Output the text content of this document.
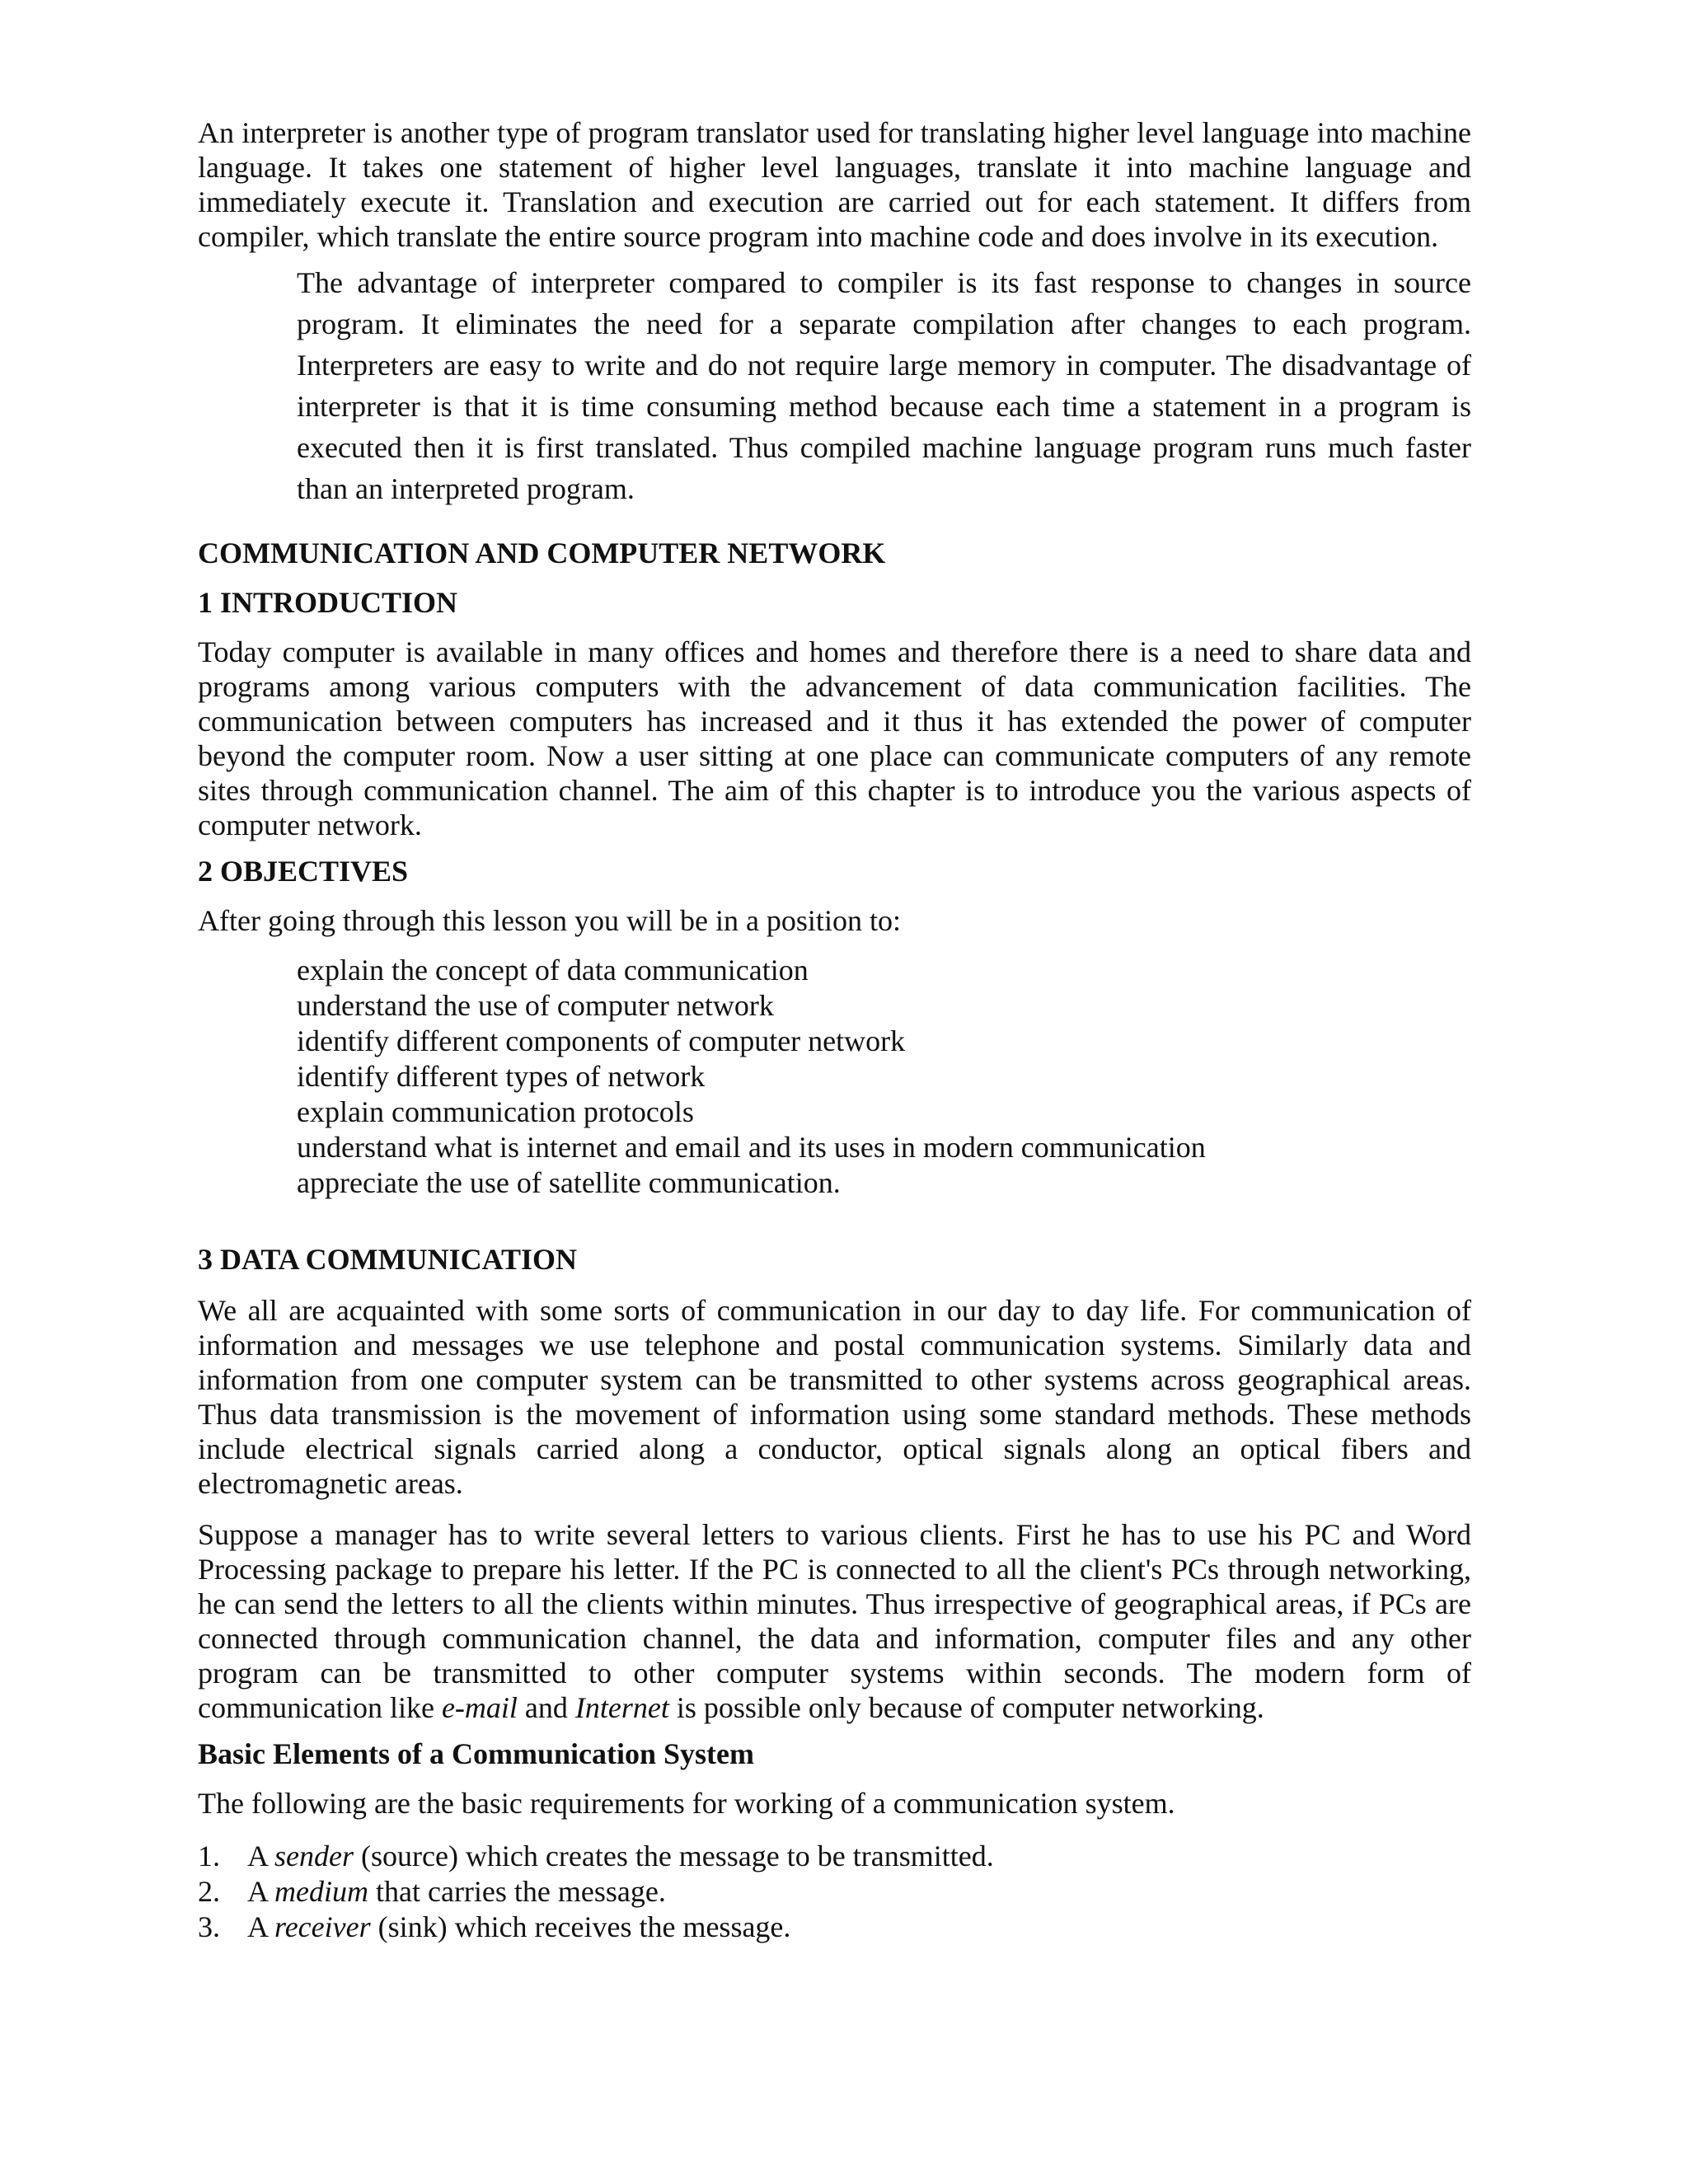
An interpreter is another type of program translator used for translating higher level language into machine language. It takes one statement of higher level languages, translate it into machine language and immediately execute it. Translation and execution are carried out for each statement. It differs from compiler, which translate the entire source program into machine code and does involve in its execution.

The advantage of interpreter compared to compiler is its fast response to changes in source program. It eliminates the need for a separate compilation after changes to each program. Interpreters are easy to write and do not require large memory in computer. The disadvantage of interpreter is that it is time consuming method because each time a statement in a program is executed then it is first translated. Thus compiled machine language program runs much faster than an interpreted program.

COMMUNICATION AND COMPUTER NETWORK
1 INTRODUCTION

Today computer is available in many offices and homes and therefore there is a need to share data and programs among various computers with the advancement of data communication facilities. The communication between computers has increased and it thus it has extended the power of computer beyond the computer room. Now a user sitting at one place can communicate computers of any remote sites through communication channel. The aim of this chapter is to introduce you the various aspects of computer network.

2 OBJECTIVES

After going through this lesson you will be in a position to:

explain the concept of data communication
understand the use of computer network
identify different components of computer network
identify different types of network
explain communication protocols
understand what is internet and email and its uses in modern communication
appreciate the use of satellite communication.
3 DATA COMMUNICATION

We all are acquainted with some sorts of communication in our day to day life. For communication of information and messages we use telephone and postal communication systems. Similarly data and information from one computer system can be transmitted to other systems across geographical areas. Thus data transmission is the movement of information using some standard methods. These methods include electrical signals carried along a conductor, optical signals along an optical fibers and electromagnetic areas.

Suppose a manager has to write several letters to various clients. First he has to use his PC and Word Processing package to prepare his letter. If the PC is connected to all the client's PCs through networking, he can send the letters to all the clients within minutes. Thus irrespective of geographical areas, if PCs are connected through communication channel, the data and information, computer files and any other program can be transmitted to other computer systems within seconds. The modern form of communication like e-mail and Internet is possible only because of computer networking.

Basic Elements of a Communication System

The following are the basic requirements for working of a communication system.

1. A sender (source) which creates the message to be transmitted.
2. A medium that carries the message.
3. A receiver (sink) which receives the message.
